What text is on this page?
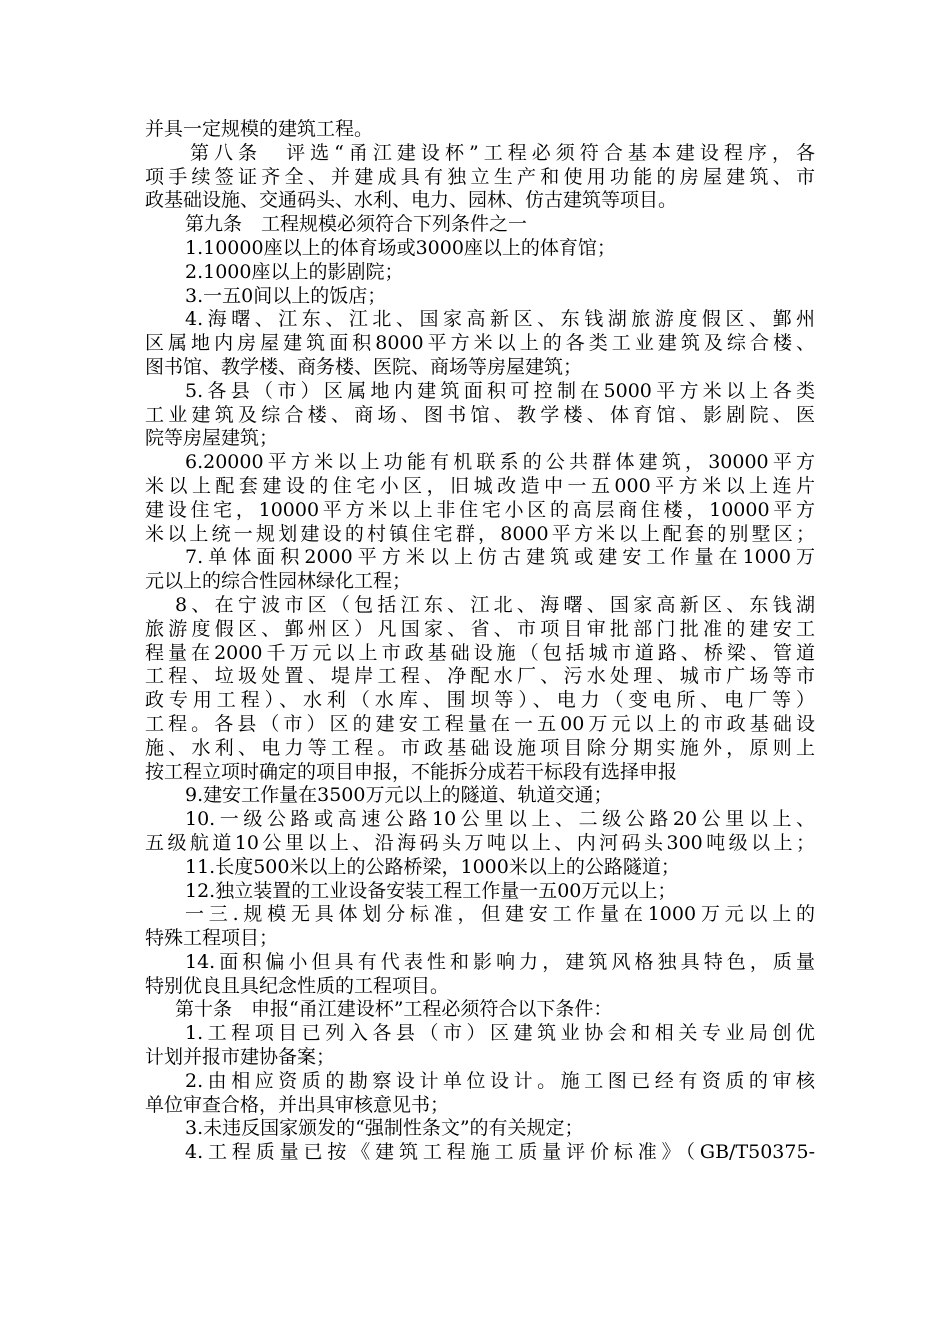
并具一定规模的建筑工程。
第八条　评选“甬江建设杯”工程必须符合基本建设程序，各
项手续签证齐全、并建成具有独立生产和使用功能的房屋建筑、市
政基础设施、交通码头、水利、电力、园林、仿古建筑等项目。
第九条　工程规模必须符合下列条件之一
1.10000座以上的体育场或3000座以上的体育馆；
2.1000座以上的影剧院；
3.一五0间以上的饭店；
4.海曙、江东、江北、国家高新区、东钱湖旅游度假区、鄞州
区属地内房屋建筑面积8000平方米以上的各类工业建筑及综合楼、
图书馆、教学楼、商务楼、医院、商场等房屋建筑；
5.各县（市）区属地内建筑面积可控制在5000平方米以上各类
工业建筑及综合楼、商场、图书馆、教学楼、体育馆、影剧院、医
院等房屋建筑；
6.20000平方米以上功能有机联系的公共群体建筑，30000平方
米以上配套建设的住宅小区，旧城改造中一五000平方米以上连片
建设住宅，10000平方米以上非住宅小区的高层商住楼，10000平方
米以上统一规划建设的村镇住宅群，8000平方米以上配套的别墅区；
7.单体面积2000平方米以上仿古建筑或建安工作量在1000万
元以上的综合性园林绿化工程；
8、在宁波市区（包括江东、江北、海曙、国家高新区、东钱湖
旅游度假区、鄞州区）凡国家、省、市项目审批部门批准的建安工
程量在2000千万元以上市政基础设施（包括城市道路、桥梁、管道
工程、垃圾处置、堤岸工程、净配水厂、污水处理、城市广场等市
政专用工程）、水利（水库、围坝等）、电力（变电所、电厂等）
工程。各县（市）区的建安工程量在一五00万元以上的市政基础设
施、水利、电力等工程。市政基础设施项目除分期实施外，原则上
按工程立项时确定的项目申报，不能拆分成若干标段有选择申报
9.建安工作量在3500万元以上的隧道、轨道交通；
10.一级公路或高速公路10公里以上、二级公路20公里以上、
五级航道10公里以上、沿海码头万吨以上、内河码头300吨级以上；
11.长度500米以上的公路桥梁，1000米以上的公路隧道；
12.独立装置的工业设备安装工程工作量一五00万元以上；
一三.规模无具体划分标准，但建安工作量在1000万元以上的
特殊工程项目；
14.面积偏小但具有代表性和影响力，建筑风格独具特色，质量
特别优良且具纪念性质的工程项目。
第十条　申报“甬江建设杯”工程必须符合以下条件：
1.工程项目已列入各县（市）区建筑业协会和相关专业局创优
计划并报市建协备案；
2.由相应资质的勘察设计单位设计。施工图已经有资质的审核
单位审查合格，并出具审核意见书；
3.未违反国家颁发的“强制性条文”的有关规定；
4.工程质量已按《建筑工程施工质量评价标准》（GB/T50375-
